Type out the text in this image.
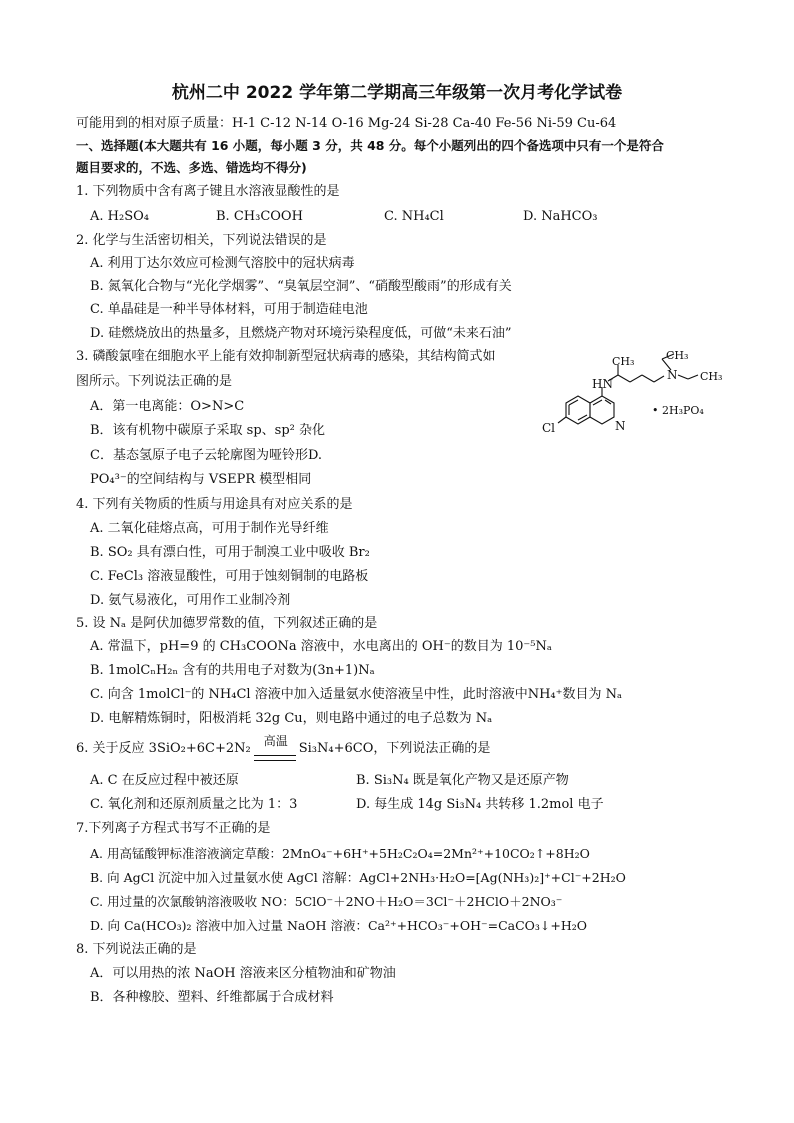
杭州二中 2022 学年第二学期高三年级第一次月考化学试卷
可能用到的相对原子质量：H-1 C-12 N-14 O-16 Mg-24 Si-28 Ca-40 Fe-56 Ni-59 Cu-64
一、选择题(本大题共有 16 小题，每小题 3 分，共 48 分。每个小题列出的四个备选项中只有一个是符合
题目要求的，不选、多选、错选均不得分)
1. 下列物质中含有离子键且水溶液显酸性的是
A. H₂SO₄	B. CH₃COOH	C. NH₄Cl	D. NaHCO₃
2. 化学与生活密切相关，下列说法错误的是
A. 利用丁达尔效应可检测气溶胶中的冠状病毒
B. 氮氧化合物与“光化学烟雾”、“臭氧层空洞”、“硝酸型酸雨”的形成有关
C. 单晶硅是一种半导体材料，可用于制造硅电池
D. 硅燃烧放出的热量多，且燃烧产物对环境污染程度低，可做“未来石油”
3. 磷酸氯喹在细胞水平上能有效抑制新型冠状病毒的感染，其结构简式如
图所示。下列说法正确的是
A．第一电离能：O>N>C
B．该有机物中碳原子采取 sp、sp² 杂化
C．基态氢原子电子云轮廓图为哑铃形D.
PO₄³⁻的空间结构与 VSEPR 模型相同
CH₃	CH₃
CH₃
N
HN
Cl	N
• 2H₃PO₄
4. 下列有关物质的性质与用途具有对应关系的是
A. 二氧化硅熔点高，可用于制作光导纤维
B. SO₂ 具有漂白性，可用于制溴工业中吸收 Br₂
C. FeCl₃ 溶液显酸性，可用于蚀刻铜制的电路板
D. 氨气易液化，可用作工业制冷剂
5. 设 Nₐ 是阿伏加德罗常数的值，下列叙述正确的是
A. 常温下，pH=9 的 CH₃COONa 溶液中，水电离出的 OH⁻的数目为 10⁻⁵Nₐ
B. 1molCₙH₂ₙ 含有的共用电子对数为(3n+1)Nₐ
C. 向含 1molCl⁻的 NH₄Cl 溶液中加入适量氨水使溶液呈中性，此时溶液中NH₄⁺数目为 Nₐ
D. 电解精炼铜时，阳极消耗 32g Cu，则电路中通过的电子总数为 Nₐ
6. 关于反应 3SiO₂+6C+2N₂ 高温 Si₃N₄+6CO，下列说法正确的是
A. C 在反应过程中被还原	B. Si₃N₄ 既是氧化产物又是还原产物
C. 氧化剂和还原剂质量之比为 1：3	D. 每生成 14g Si₃N₄ 共转移 1.2mol 电子
7.下列离子方程式书写不正确的是
A. 用高锰酸钾标准溶液滴定草酸：2MnO₄⁻+6H⁺+5H₂C₂O₄=2Mn²⁺+10CO₂↑+8H₂O
B. 向 AgCl 沉淀中加入过量氨水使 AgCl 溶解：AgCl+2NH₃·H₂O=[Ag(NH₃)₂]⁺+Cl⁻+2H₂O
C. 用过量的次氯酸钠溶液吸收 NO：5ClO⁻＋2NO＋H₂O＝3Cl⁻＋2HClO＋2NO₃⁻
D. 向 Ca(HCO₃)₂ 溶液中加入过量 NaOH 溶液：Ca²⁺+HCO₃⁻+OH⁻=CaCO₃↓+H₂O
8. 下列说法正确的是
A．可以用热的浓 NaOH 溶液来区分植物油和矿物油
B．各种橡胶、塑料、纤维都属于合成材料
